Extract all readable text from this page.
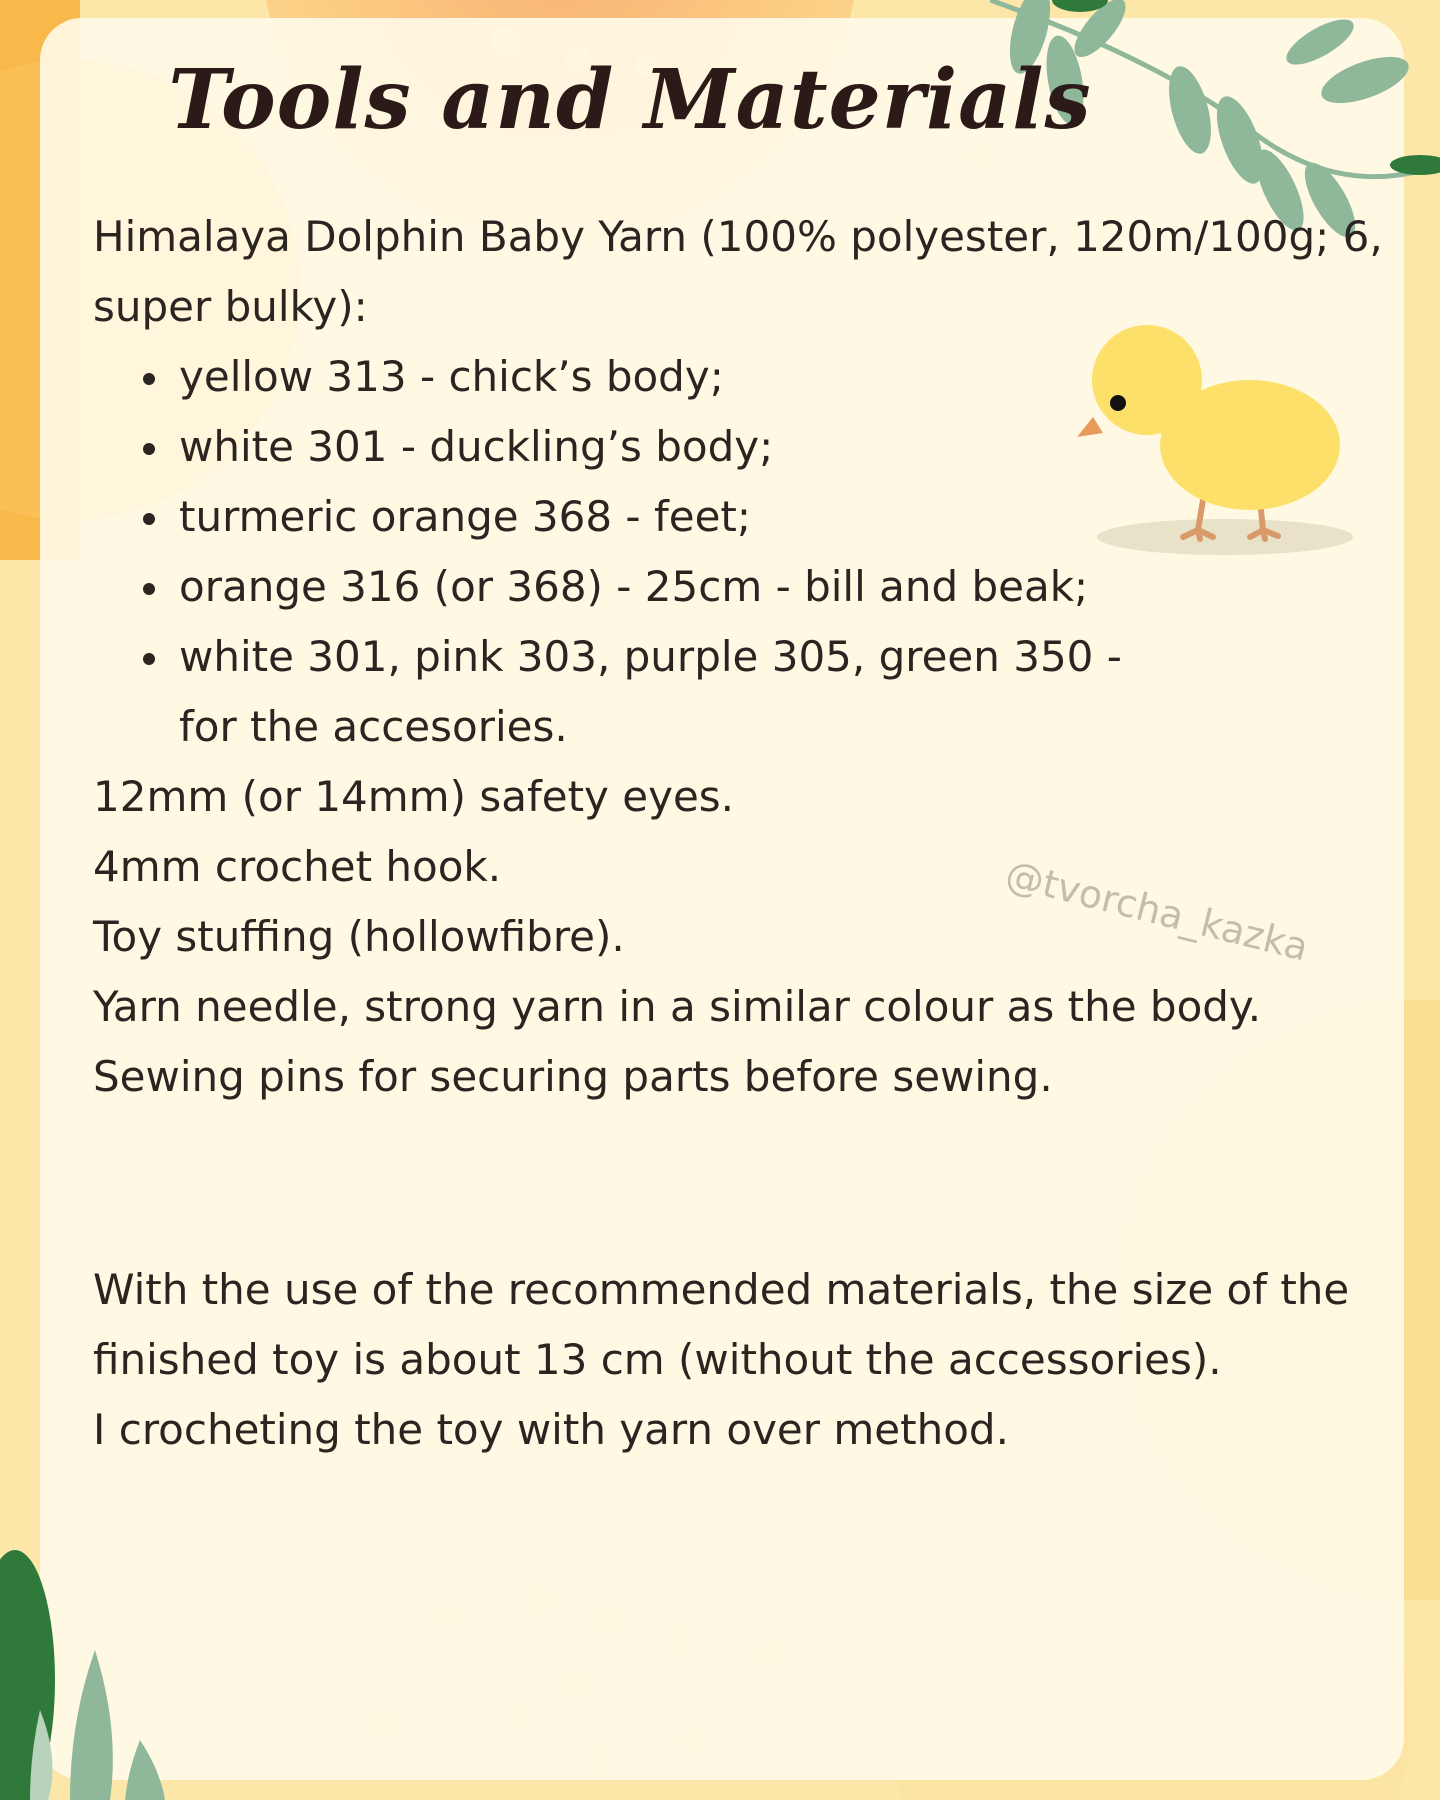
Tools and Materials

Himalaya Dolphin Baby Yarn (100% polyester, 120m/100g; 6, super bulky):

yellow 313 - chick’s body;
white 301 - duckling’s body;
turmeric orange 368 - feet;
orange 316 (or 368) - 25cm - bill and beak;
white 301, pink 303, purple 305, green 350 - for the accesories.

12mm (or 14mm) safety eyes.

4mm crochet hook.

Toy stuffing (hollowfibre).

Yarn needle, strong yarn in a similar colour as the body.

Sewing pins for securing parts before sewing.

@tvorcha_kazka

With the use of the recommended materials, the size of the finished toy is about 13 cm (without the accessories).

I crocheting the toy with yarn over method.
